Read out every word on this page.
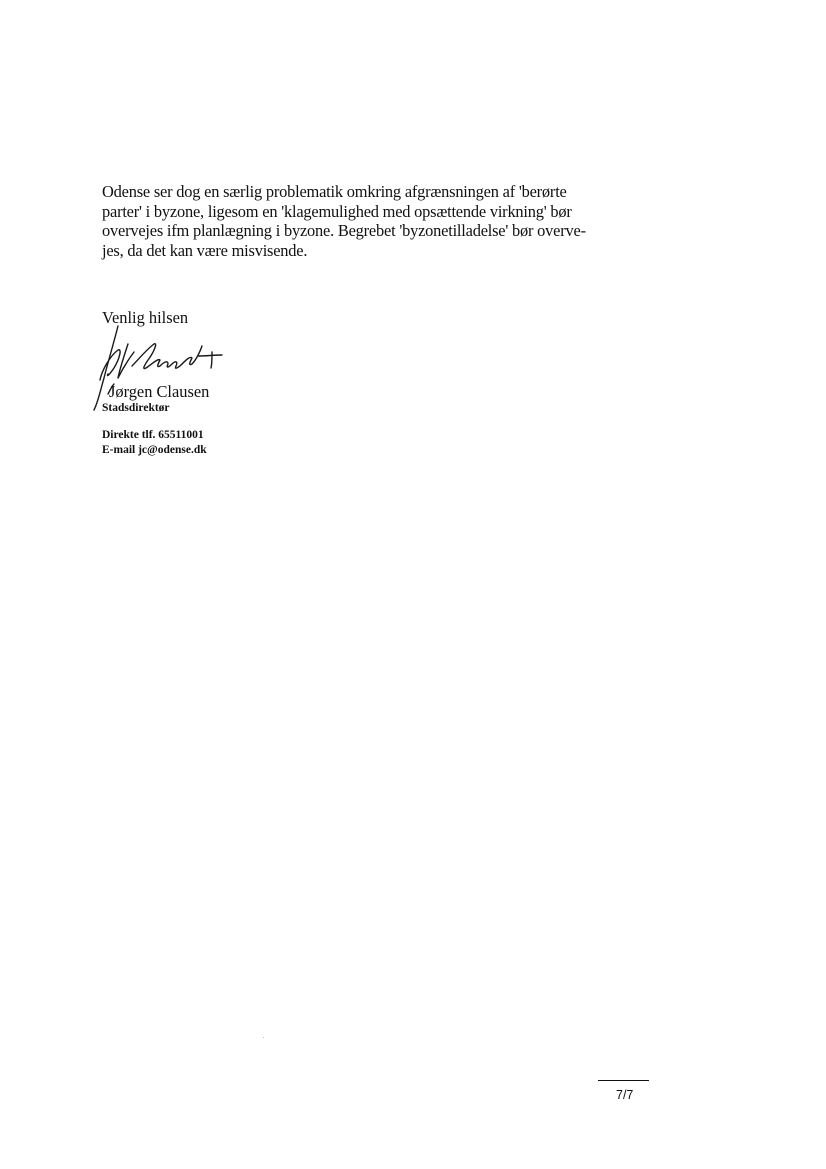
Odense ser dog en særlig problematik omkring afgrænsningen af 'berørte
parter' i byzone, ligesom en 'klagemulighed med opsættende virkning' bør
overvejes ifm planlægning i byzone. Begrebet 'byzonetilladelse' bør overve-
jes, da det kan være misvisende.

Venlig hilsen

Jørgen Clausen

Stadsdirektør

Direkte tlf. 65511001
E-mail jc@odense.dk

7/7
